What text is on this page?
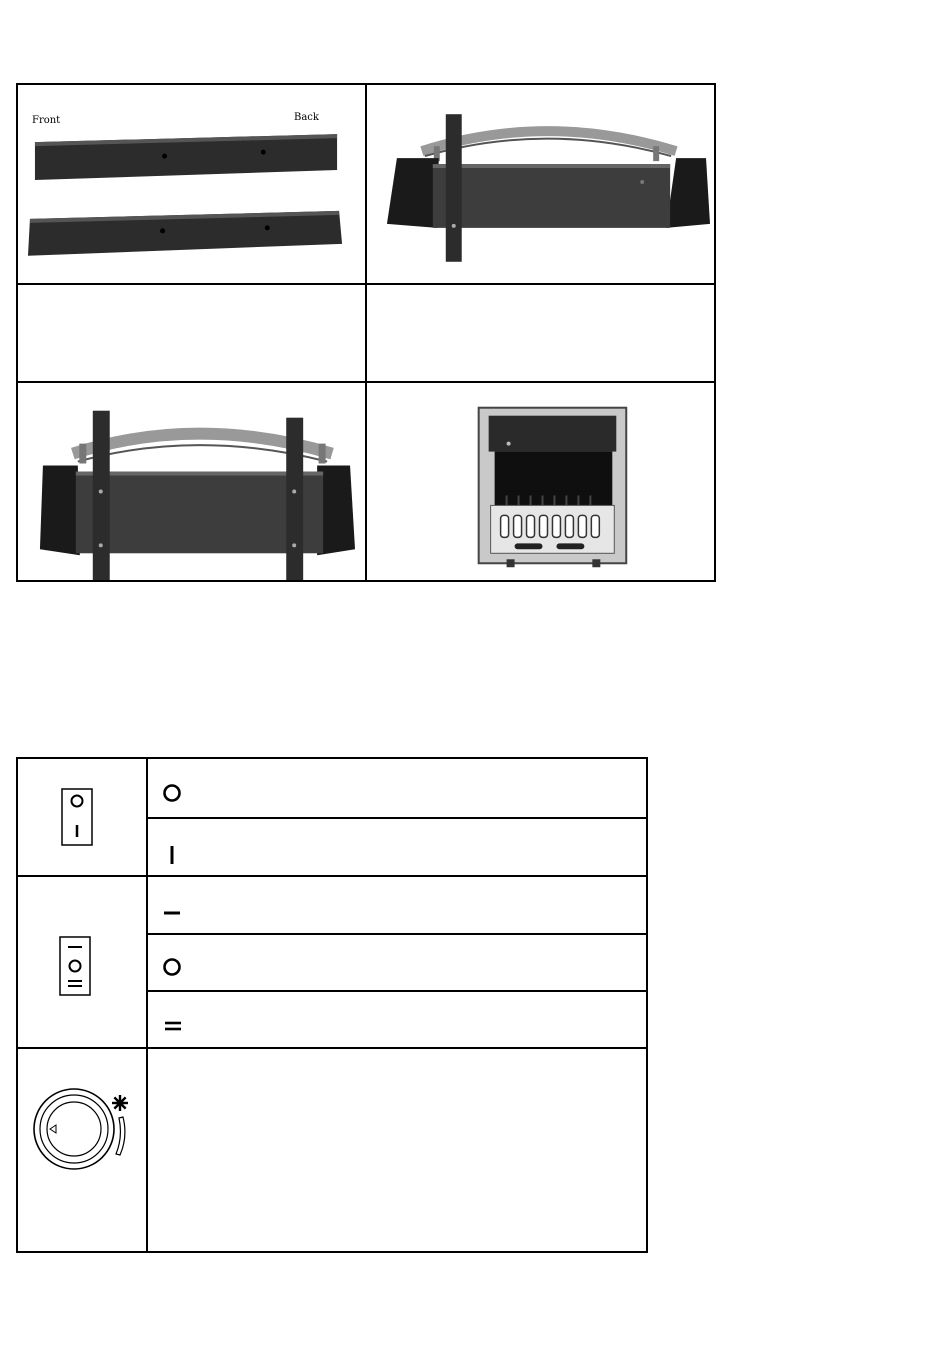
Front Back
